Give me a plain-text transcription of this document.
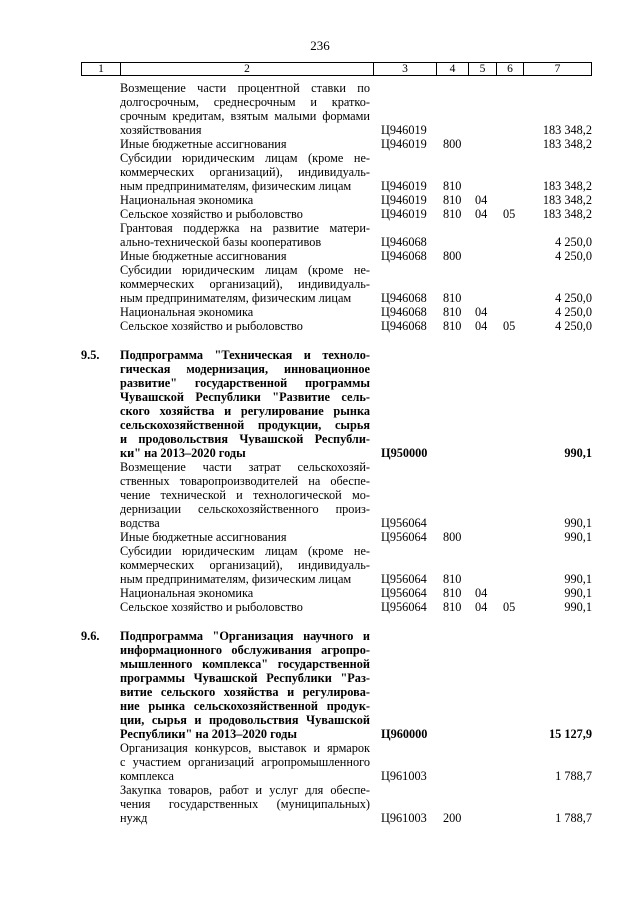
236
1	2	3	4	5	6	7
Возмещение части процентной ставки по
долгосрочным, среднесрочным и кратко-
срочным кредитам, взятым малыми формами
хозяйствования	Ц946019	183 348,2
Иные бюджетные ассигнования	Ц946019 800	183 348,2
Субсидии юридическим лицам (кроме не-
коммерческих организаций), индивидуаль-
ным предпринимателям, физическим лицам	Ц946019 810	183 348,2
Национальная экономика	Ц946019 810 04	183 348,2
Сельское хозяйство и рыболовство	Ц946019 810 04 05	183 348,2
Грантовая поддержка на развитие матери-
ально-технической базы кооперативов	Ц946068	4 250,0
Иные бюджетные ассигнования	Ц946068 800	4 250,0
Субсидии юридическим лицам (кроме не-
коммерческих организаций), индивидуаль-
ным предпринимателям, физическим лицам	Ц946068 810	4 250,0
Национальная экономика	Ц946068 810 04	4 250,0
Сельское хозяйство и рыболовство	Ц946068 810 04 05	4 250,0
9.5. Подпрограмма "Техническая и техноло-
гическая модернизация, инновационное
развитие" государственной программы
Чувашской Республики "Развитие сель-
ского хозяйства и регулирование рынка
сельскохозяйственной продукции, сырья
и продовольствия Чувашской Республи-
ки" на 2013–2020 годы	Ц950000	990,1
Возмещение части затрат сельскохозяй-
ственных товаропроизводителей на обеспе-
чение технической и технологической мо-
дернизации сельскохозяйственного произ-
водства	Ц956064	990,1
Иные бюджетные ассигнования	Ц956064 800	990,1
Субсидии юридическим лицам (кроме не-
коммерческих организаций), индивидуаль-
ным предпринимателям, физическим лицам	Ц956064 810	990,1
Национальная экономика	Ц956064 810 04	990,1
Сельское хозяйство и рыболовство	Ц956064 810 04 05	990,1
9.6. Подпрограмма "Организация научного и
информационного обслуживания агропро-
мышленного комплекса" государственной
программы Чувашской Республики "Раз-
витие сельского хозяйства и регулирова-
ние рынка сельскохозяйственной продук-
ции, сырья и продовольствия Чувашской
Республики" на 2013–2020 годы	Ц960000	15 127,9
Организация конкурсов, выставок и ярмарок
с участием организаций агропромышленного
комплекса	Ц961003	1 788,7
Закупка товаров, работ и услуг для обеспе-
чения государственных (муниципальных)
нужд	Ц961003 200	1 788,7
